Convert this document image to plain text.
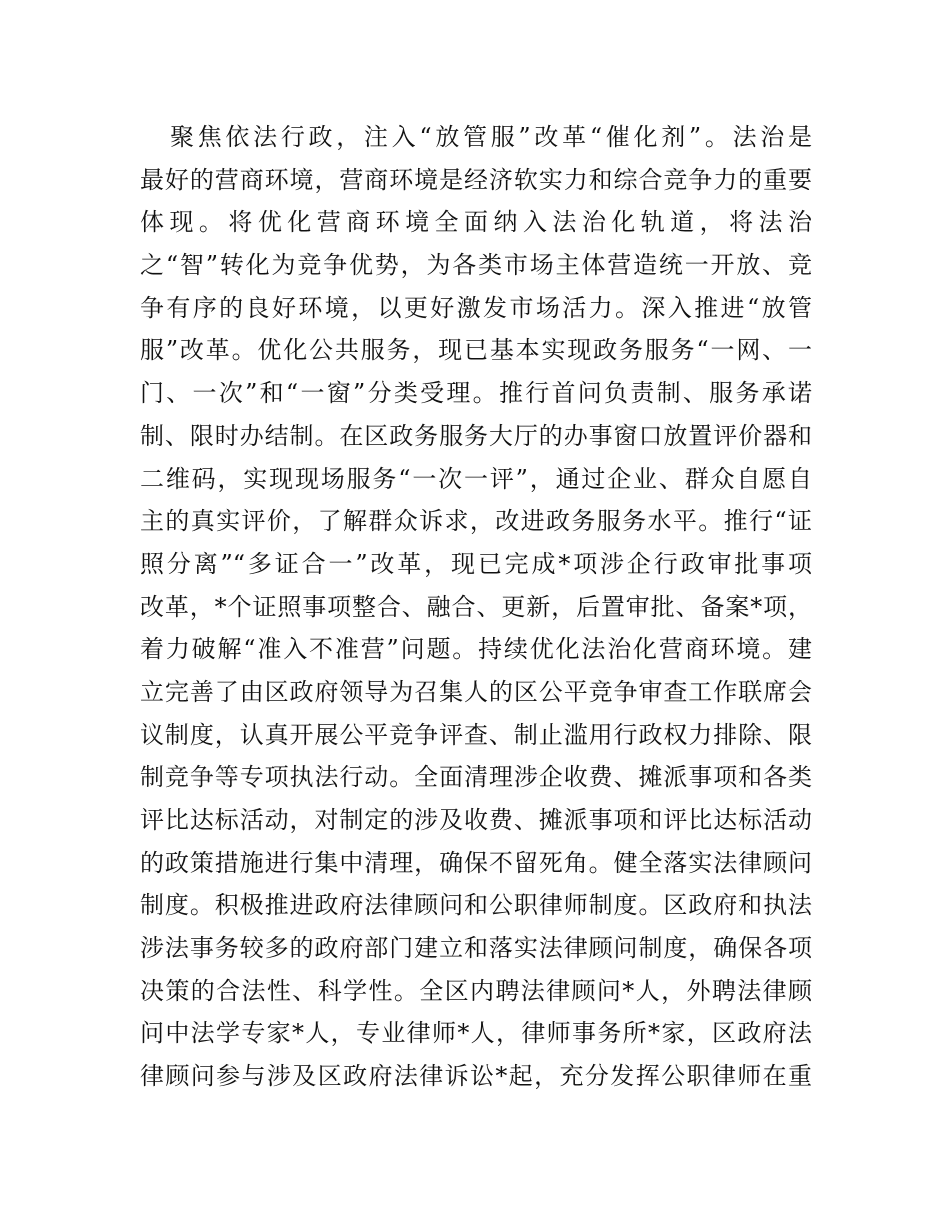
聚焦依法行政，注入“放管服”改革“催化剂”。法治是
最好的营商环境，营商环境是经济软实力和综合竞争力的重要
体现。将优化营商环境全面纳入法治化轨道，将法治
之“智”转化为竞争优势，为各类市场主体营造统一开放、竞
争有序的良好环境，以更好激发市场活力。深入推进“放管
服”改革。优化公共服务，现已基本实现政务服务“一网、一
门、一次”和“一窗”分类受理。推行首问负责制、服务承诺
制、限时办结制。在区政务服务大厅的办事窗口放置评价器和
二维码，实现现场服务“一次一评”，通过企业、群众自愿自
主的真实评价，了解群众诉求，改进政务服务水平。推行“证
照分离”“多证合一”改革，现已完成*项涉企行政审批事项
改革，*个证照事项整合、融合、更新，后置审批、备案*项，
着力破解“准入不准营”问题。持续优化法治化营商环境。建
立完善了由区政府领导为召集人的区公平竞争审查工作联席会
议制度，认真开展公平竞争评查、制止滥用行政权力排除、限
制竞争等专项执法行动。全面清理涉企收费、摊派事项和各类
评比达标活动，对制定的涉及收费、摊派事项和评比达标活动
的政策措施进行集中清理，确保不留死角。健全落实法律顾问
制度。积极推进政府法律顾问和公职律师制度。区政府和执法
涉法事务较多的政府部门建立和落实法律顾问制度，确保各项
决策的合法性、科学性。全区内聘法律顾问*人，外聘法律顾
问中法学专家*人，专业律师*人，律师事务所*家，区政府法
律顾问参与涉及区政府法律诉讼*起，充分发挥公职律师在重
